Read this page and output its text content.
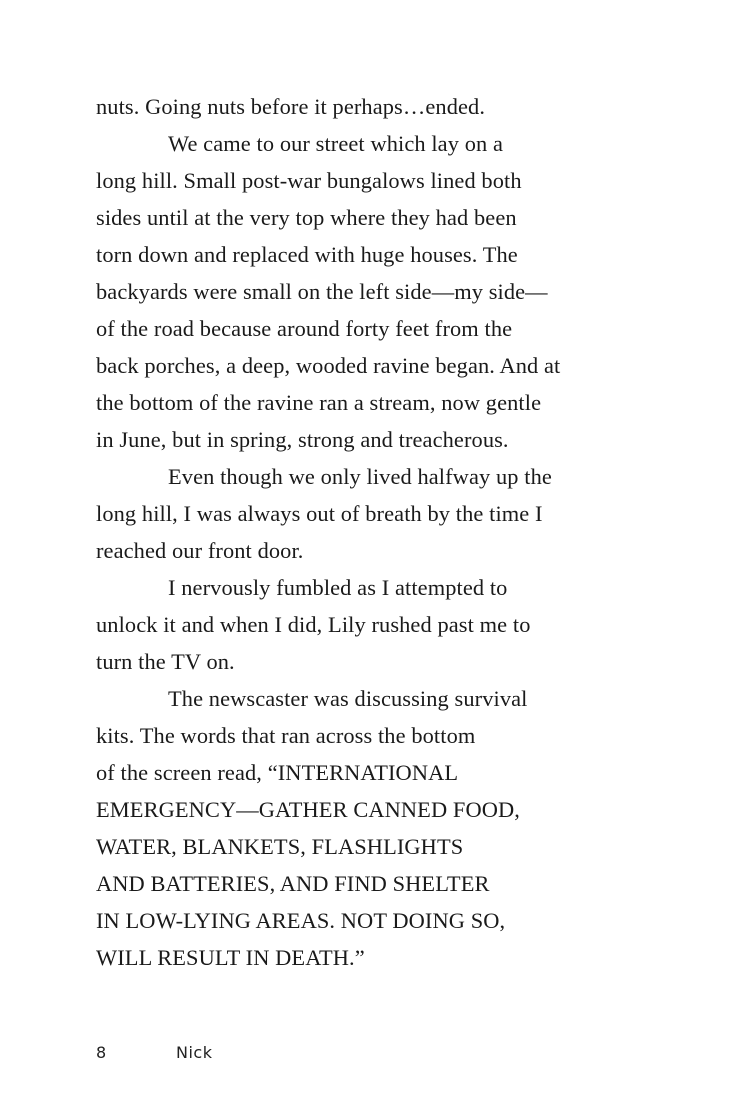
nuts. Going nuts before it perhaps…ended.
We came to our street which lay on a
long hill. Small post-war bungalows lined both
sides until at the very top where they had been
torn down and replaced with huge houses. The
backyards were small on the left side—my side—
of the road because around forty feet from the
back porches, a deep, wooded ravine began. And at
the bottom of the ravine ran a stream, now gentle
in June, but in spring, strong and treacherous.
Even though we only lived halfway up the
long hill, I was always out of breath by the time I
reached our front door.
I nervously fumbled as I attempted to
unlock it and when I did, Lily rushed past me to
turn the TV on.
The newscaster was discussing survival
kits. The words that ran across the bottom
of the screen read, “INTERNATIONAL
EMERGENCY—GATHER CANNED FOOD,
WATER, BLANKETS, FLASHLIGHTS
AND BATTERIES, AND FIND SHELTER
IN LOW-LYING AREAS. NOT DOING SO,
WILL RESULT IN DEATH.”
8	Nick
